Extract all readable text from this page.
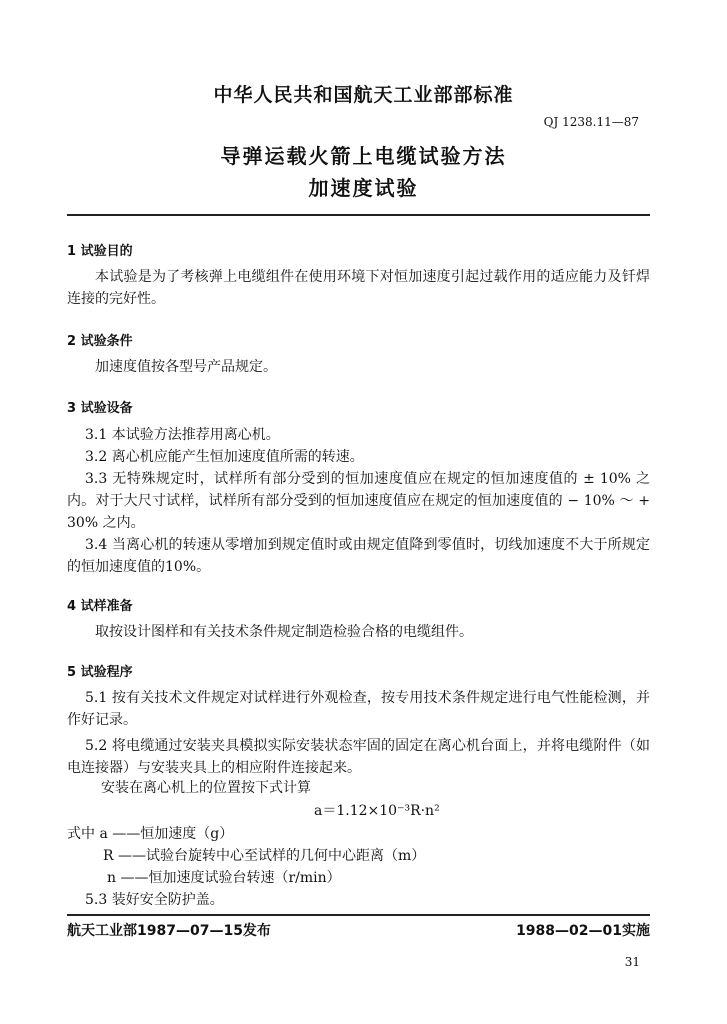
中华人民共和国航天工业部部标准
QJ 1238.11—87
导弹运载火箭上电缆试验方法
加速度试验
1 试验目的
本试验是为了考核弹上电缆组件在使用环境下对恒加速度引起过载作用的适应能力及钎焊连接的完好性。
2 试验条件
加速度值按各型号产品规定。
3 试验设备
3.1 本试验方法推荐用离心机。
3.2 离心机应能产生恒加速度值所需的转速。
3.3 无特殊规定时，试样所有部分受到的恒加速度值应在规定的恒加速度值的 ± 10% 之内。对于大尺寸试样，试样所有部分受到的恒加速度值应在规定的恒加速度值的 − 10% ～ + 30% 之内。
3.4 当离心机的转速从零增加到规定值时或由规定值降到零值时，切线加速度不大于所规定的恒加速度值的10%。
4 试样准备
取按设计图样和有关技术条件规定制造检验合格的电缆组件。
5 试验程序
5.1 按有关技术文件规定对试样进行外观检查，按专用技术条件规定进行电气性能检测，并作好记录。
5.2 将电缆通过安装夹具模拟实际安装状态牢固的固定在离心机台面上，并将电缆附件（如电连接器）与安装夹具上的相应附件连接起来。
安装在离心机上的位置按下式计算
a＝1.12×10⁻³R·n²
式中 a ——恒加速度（g）
R ——试验台旋转中心至试样的几何中心距离（m）
n ——恒加速度试验台转速（r/min）
5.3 装好安全防护盖。
航天工业部1987—07—15发布	1988—02—01实施
31
